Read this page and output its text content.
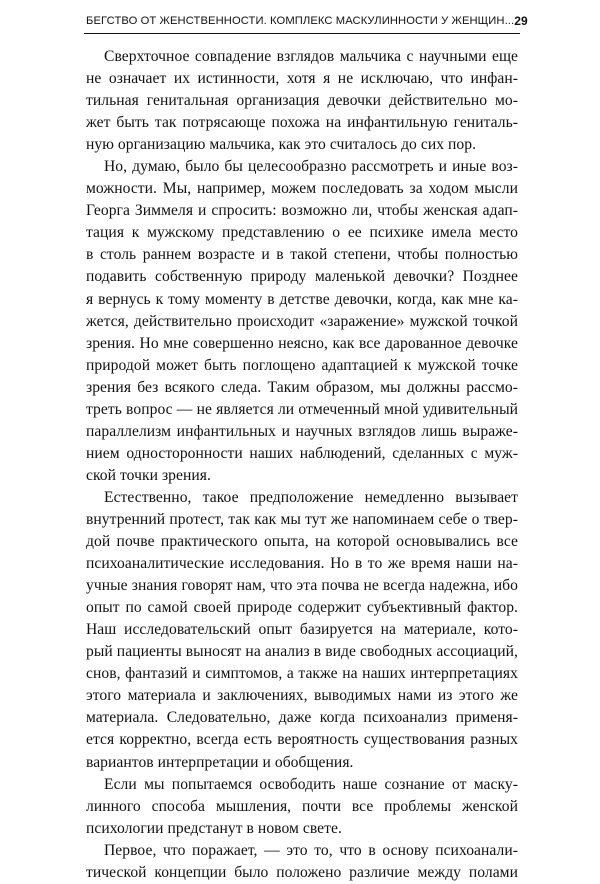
БЕГСТВО ОТ ЖЕНСТВЕННОСТИ. КОМПЛЕКС МАСКУЛИННОСТИ У ЖЕНЩИН... 29
Сверхточное совпадение взглядов мальчика с научными еще
не означает их истинности, хотя я не исключаю, что инфан-
тильная генитальная организация девочки действительно мо-
жет быть так потрясающе похожа на инфантильную гениталь-
ную организацию мальчика, как это считалось до сих пор.
Но, думаю, было бы целесообразно рассмотреть и иные воз-
можности. Мы, например, можем последовать за ходом мысли
Георга Зиммеля и спросить: возможно ли, чтобы женская адап-
тация к мужскому представлению о ее психике имела место
в столь раннем возрасте и в такой степени, чтобы полностью
подавить собственную природу маленькой девочки? Позднее
я вернусь к тому моменту в детстве девочки, когда, как мне ка-
жется, действительно происходит «заражение» мужской точкой
зрения. Но мне совершенно неясно, как все дарованное девочке
природой может быть поглощено адаптацией к мужской точке
зрения без всякого следа. Таким образом, мы должны рассмо-
треть вопрос — не является ли отмеченный мной удивительный
параллелизм инфантильных и научных взглядов лишь выраже-
нием односторонности наших наблюдений, сделанных с муж-
ской точки зрения.
Естественно, такое предположение немедленно вызывает
внутренний протест, так как мы тут же напоминаем себе о твер-
дой почве практического опыта, на которой основывались все
психоаналитические исследования. Но в то же время наши на-
учные знания говорят нам, что эта почва не всегда надежна, ибо
опыт по самой своей природе содержит субъективный фактор.
Наш исследовательский опыт базируется на материале, кото-
рый пациенты выносят на анализ в виде свободных ассоциаций,
снов, фантазий и симптомов, а также на наших интерпретациях
этого материала и заключениях, выводимых нами из этого же
материала. Следовательно, даже когда психоанализ применя-
ется корректно, всегда есть вероятность существования разных
вариантов интерпретации и обобщения.
Если мы попытаемся освободить наше сознание от маску-
линного способа мышления, почти все проблемы женской
психологии предстанут в новом свете.
Первое, что поражает, — это то, что в основу психоанали-
тической концепции было положено различие между полами
